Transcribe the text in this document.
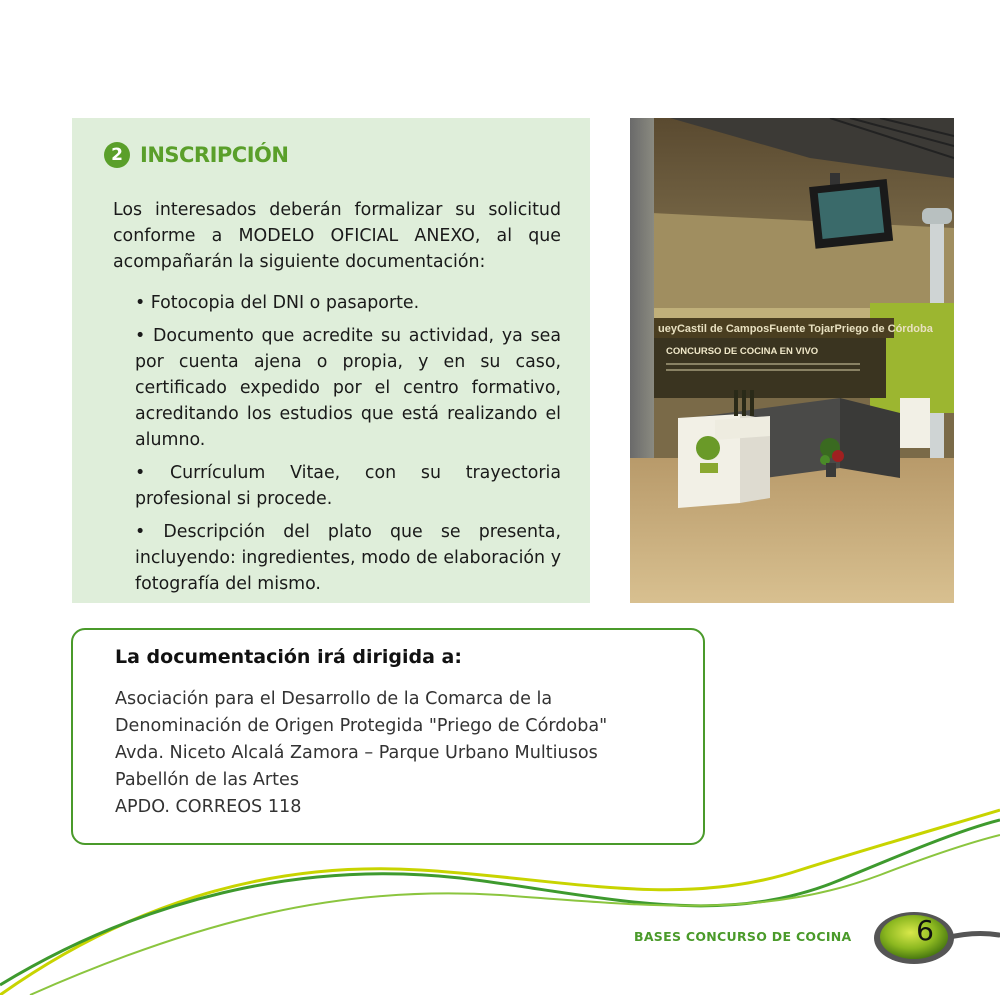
2 INSCRIPCIÓN
Los interesados deberán formalizar su solicitud conforme a MODELO OFICIAL ANEXO, al que acompañarán la siguiente documentación:
• Fotocopia del DNI o pasaporte.
• Documento que acredite su actividad, ya sea por cuenta ajena o propia, y en su caso, certificado expedido por el centro formativo, acreditando los estudios que está realizando el alumno.
• Currículum Vitae, con su trayectoria profesional si procede.
• Descripción del plato que se presenta, incluyendo: ingredientes, modo de elaboración y fotografía del mismo.
ueyCastil de CamposFuente TojarPriego de Córdoba
CONCURSO DE COCINA EN VIVO
La documentación irá dirigida a:
Asociación para el Desarrollo de la Comarca de la
Denominación de Origen Protegida "Priego de Córdoba"
Avda. Niceto Alcalá Zamora – Parque Urbano Multiusos
Pabellón de las Artes
APDO. CORREOS 118
BASES CONCURSO DE COCINA	6
